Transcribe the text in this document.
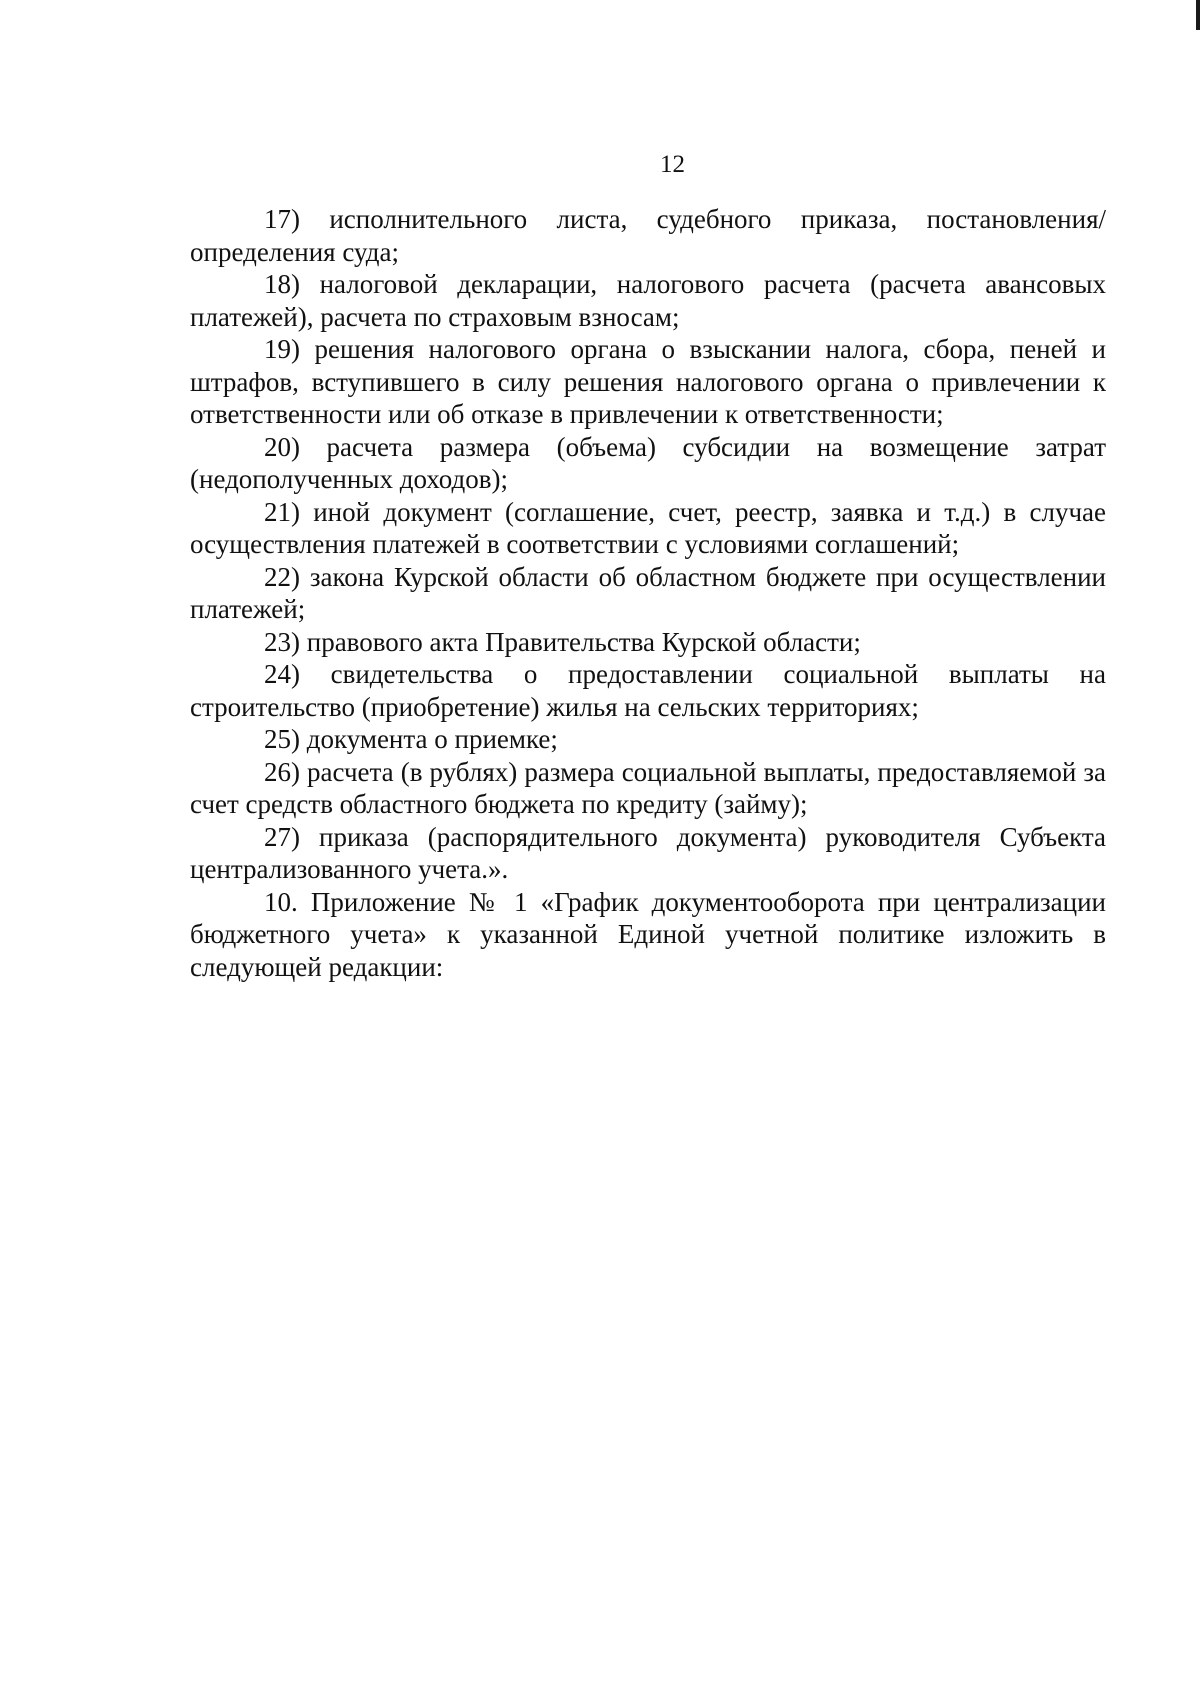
12

17) исполнительного листа, судебного приказа, постановления/определения суда;

18) налоговой декларации, налогового расчета (расчета авансовых платежей), расчета по страховым взносам;

19) решения налогового органа о взыскании налога, сбора, пеней и штрафов, вступившего в силу решения налогового органа о привлечении к ответственности или об отказе в привлечении к ответственности;

20) расчета размера (объема) субсидии на возмещение затрат (недополученных доходов);

21) иной документ (соглашение, счет, реестр, заявка и т.д.) в случае осуществления платежей в соответствии с условиями соглашений;

22) закона Курской области об областном бюджете при осуществлении платежей;

23) правового акта Правительства Курской области;

24) свидетельства о предоставлении социальной выплаты на строительство (приобретение) жилья на сельских территориях;

25) документа о приемке;

26) расчета (в рублях) размера социальной выплаты, предоставляемой за счет средств областного бюджета по кредиту (займу);

27) приказа (распорядительного документа) руководителя Субъекта централизованного учета.».

10. Приложение № 1 «График документооборота при централизации бюджетного учета» к указанной Единой учетной политике изложить в следующей редакции:
